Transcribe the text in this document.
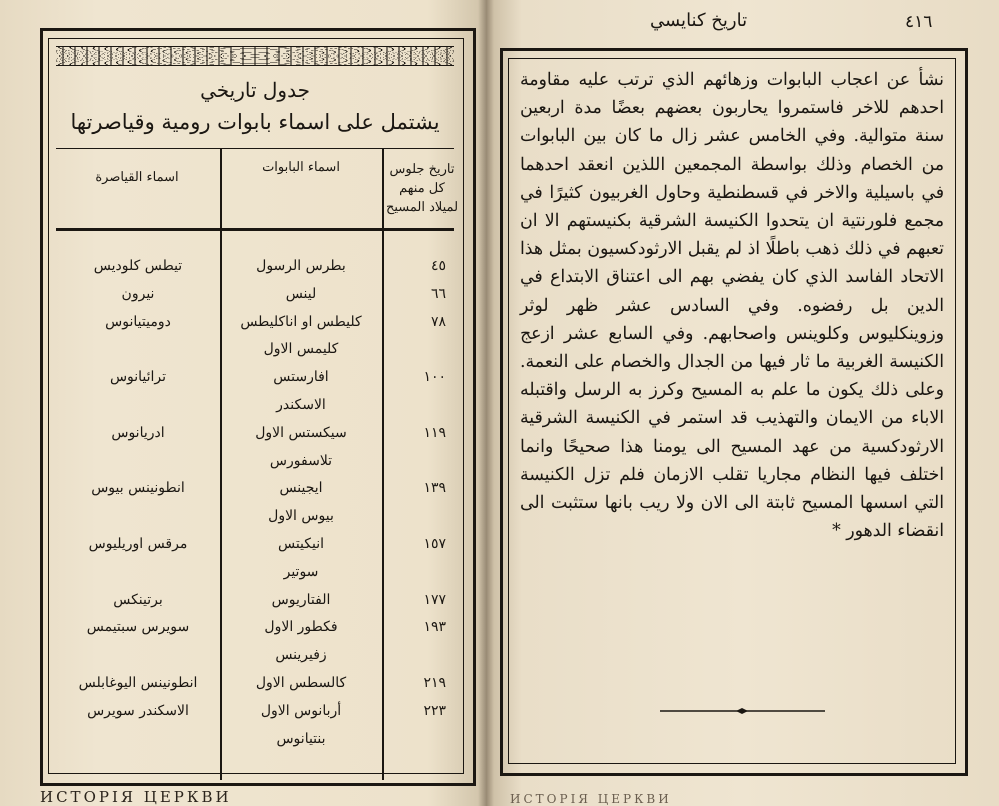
جدول تاريخي
يشتمل على اسماء بابوات رومية وقياصرتها
تاريخ جلوس كل منهم لميلاد المسيح
اسماء البابوات
اسماء القياصرة
٤٥
بطرس الرسول
تيطس كلوديس
٦٦
لينس
نيرون
٧٨
كليطس او اناكليطس
دوميتيانوس
كليمس الاول
١٠٠
افارستس
ترائيانوس
الاسكندر
١١٩
سيكستس الاول
ادريانوس
تلاسفورس
١٣٩
ايجينس
انطونينس بيوس
بيوس الاول
١٥٧
انيكيتس
مرقس اوريليوس
سوتير
١٧٧
الفتاريوس
برتينكس
١٩٣
فكطور الاول
سويرس سبتيمس
زفيرينس
٢١٩
كالسطس الاول
انطونينس اليوغابلس
٢٢٣
أربانوس الاول
الاسكندر سويرس
بنتيانوس
ИСТОРІЯ ЦЕРКВИ
٤١٦
تاريخ كنايسي

نشأ عن اعجاب البابوات وزهائهم الذي ترتب عليه مقاومة احدهم للاخر فاستمروا يحاربون بعضهم بعضًا مدة اربعين سنة متوالية. وفي الخامس عشر زال ما كان بين البابوات من الخصام وذلك بواسطة المجمعين اللذين انعقد احدهما في باسيلية والاخر في قسطنطية وحاول الغربيون كثيرًا في مجمع فلورنتية ان يتحدوا الكنيسة الشرقية بكنيستهم الا ان تعبهم في ذلك ذهب باطلًا اذ لم يقبل الارثودكسيون بمثل هذا الاتحاد الفاسد الذي كان يفضي بهم الى اعتناق الابتداع في الدين بل رفضوه. وفي السادس عشر ظهر لوثر وزوينكليوس وكلوينس واصحابهم. وفي السابع عشر ازعج الكنيسة الغربية ما ثار فيها من الجدال والخصام على النعمة.

وعلى ذلك يكون ما علم به المسيح وكرز به الرسل واقتبله الاباء من الايمان والتهذيب قد استمر في الكنيسة الشرقية الارثودكسية من عهد المسيح الى يومنا هذا صحيحًا وانما اختلف فيها النظام مجاريا تقلب الازمان فلم تزل الكنيسة التي اسسها المسيح ثابتة الى الان ولا ريب بانها ستثبت الى انقضاء الدهور *

ИСТОРІЯ ЦЕРКВИ
